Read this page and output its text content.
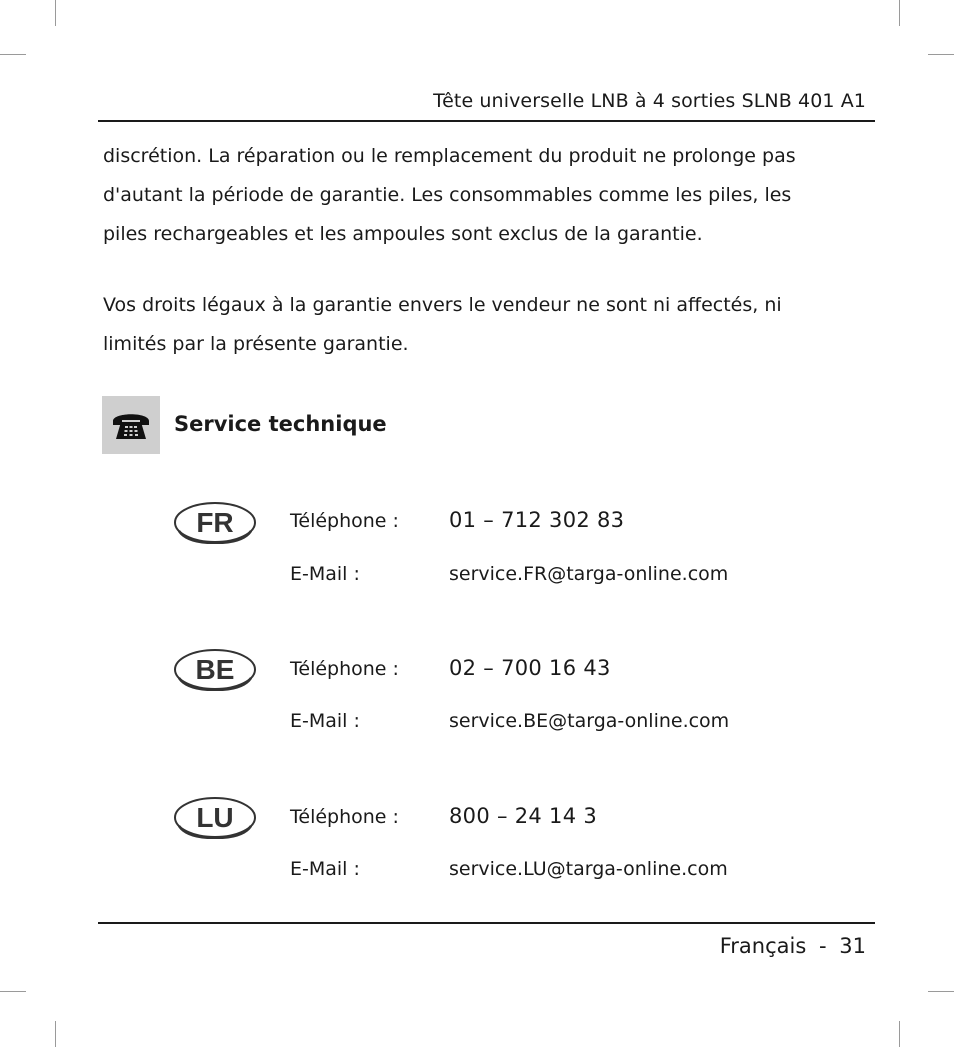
Tête universelle LNB à 4 sorties SLNB 401 A1

discrétion. La réparation ou le remplacement du produit ne prolonge pas

d'autant la période de garantie. Les consommables comme les piles, les

piles rechargeables et les ampoules sont exclus de la garantie.

Vos droits légaux à la garantie envers le vendeur ne sont ni affectés, ni

limités par la présente garantie.

Service technique
FR	Téléphone : 01 – 712 302 83
E-Mail :	service.FR@targa-online.com
BE	Téléphone : 02 – 700 16 43
E-Mail :	service.BE@targa-online.com
LU	Téléphone : 800 – 24 14 3
E-Mail :	service.LU@targa-online.com
Français - 31
